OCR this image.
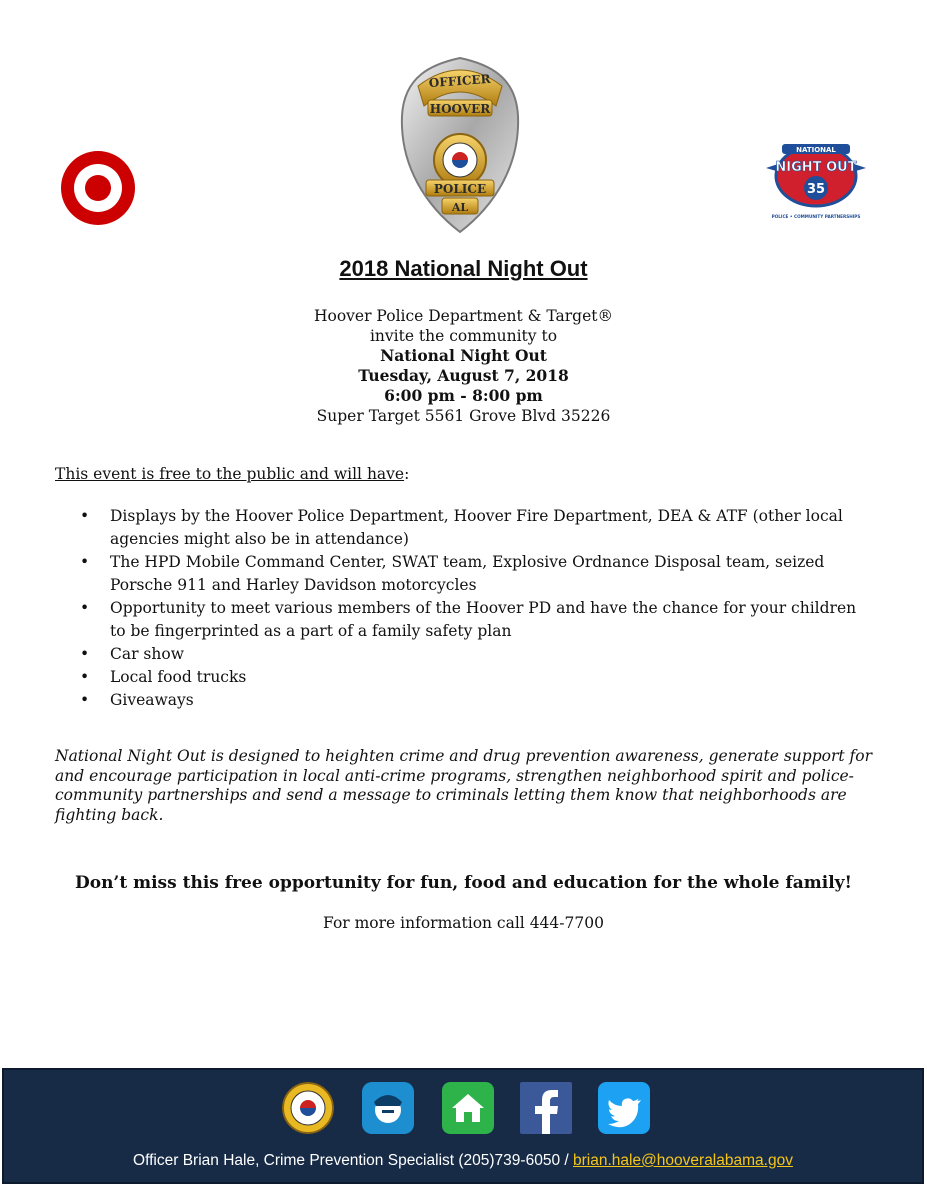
OFFICER
HOOVER
POLICE
AL
NATIONAL
NIGHT OUT
35
POLICE • COMMUNITY PARTNERSHIPS
2018 National Night Out
Hoover Police Department & Target®
invite the community to
National Night Out
Tuesday, August 7, 2018
6:00 pm - 8:00 pm
Super Target 5561 Grove Blvd 35226
This event is free to the public and will have:
• Displays by the Hoover Police Department, Hoover Fire Department, DEA & ATF (other local agencies might also be in attendance)
• The HPD Mobile Command Center, SWAT team, Explosive Ordnance Disposal team, seized Porsche 911 and Harley Davidson motorcycles
• Opportunity to meet various members of the Hoover PD and have the chance for your children to be fingerprinted as a part of a family safety plan
• Car show
• Local food trucks
• Giveaways
National Night Out is designed to heighten crime and drug prevention awareness, generate support for and encourage participation in local anti-crime programs, strengthen neighborhood spirit and police-community partnerships and send a message to criminals letting them know that neighborhoods are fighting back.
Don’t miss this free opportunity for fun, food and education for the whole family!
For more information call 444-7700
Officer Brian Hale, Crime Prevention Specialist (205)739-6050 / brian.hale@hooveralabama.gov
